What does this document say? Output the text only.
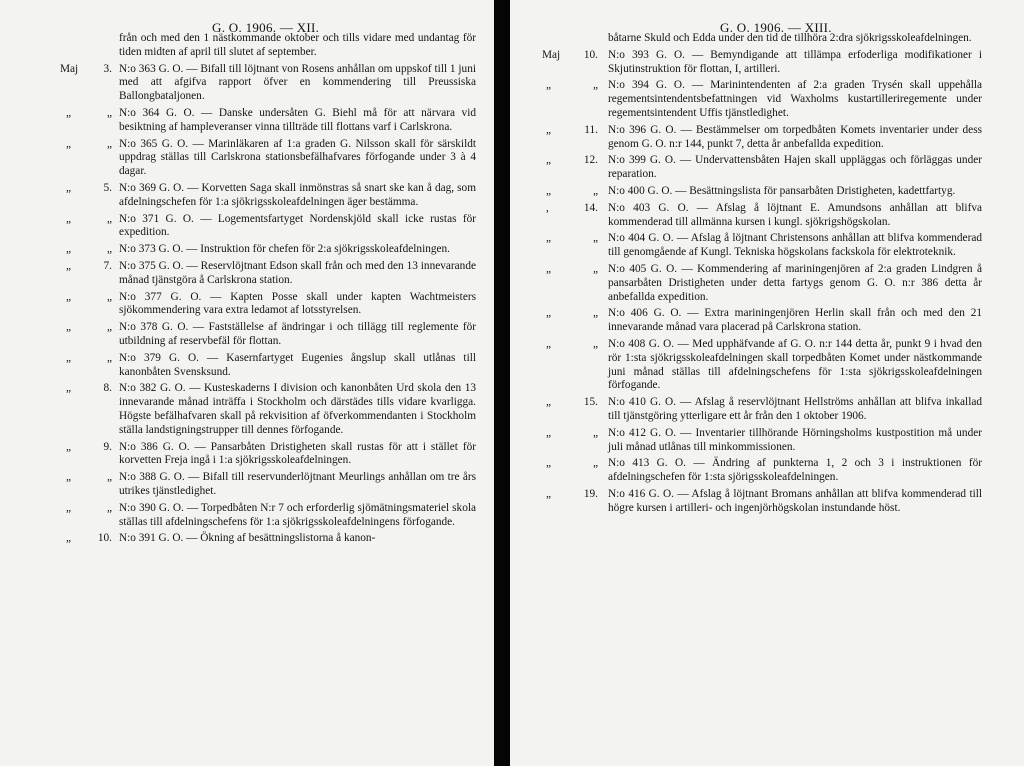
G. O. 1906. — XII.
från och med den 1 nästkommande oktober och tills vidare med undantag för tiden midten af april till slutet af september.
Maj	3. N:o 363 G. O. — Bifall till löjtnant von Rosens anhållan om uppskof till 1 juni med att afgifva rapport öfver en kommendering till Preussiska Ballongbataljonen.
„	„ N:o 364 G. O. — Danske undersåten G. Biehl må för att närvara vid besiktning af hampleveranser vinna tillträde till flottans varf i Carlskrona.
„	„ N:o 365 G. O. — Marinläkaren af 1:a graden G. Nilsson skall för särskildt uppdrag ställas till Carlskrona stationsbefälhafvares förfogande under 3 à 4 dagar.
„	5. N:o 369 G. O. — Korvetten Saga skall inmönstras så snart ske kan å dag, som afdelningschefen för 1:a sjökrigsskoleafdelningen äger bestämma.
„	„ N:o 371 G. O. — Logementsfartyget Nordenskjöld skall icke rustas för expedition.
„	„ N:o 373 G. O. — Instruktion för chefen för 2:a sjökrigsskoleafdelningen.
„	7. N:o 375 G. O. — Reservlöjtnant Edson skall från och med den 13 innevarande månad tjänstgöra å Carlskrona station.
„	„ N:o 377 G. O. — Kapten Posse skall under kapten Wachtmeisters sjökommendering vara extra ledamot af lotsstyrelsen.
„	„ N:o 378 G. O. — Fastställelse af ändringar i och tillägg till reglemente för utbildning af reservbefäl för flottan.
„	„ N:o 379 G. O. — Kasernfartyget Eugenies ångslup skall utlånas till kanonbåten Svensksund.
„	8. N:o 382 G. O. — Kusteskaderns I division och kanonbåten Urd skola den 13 innevarande månad inträffa i Stockholm och därstädes tills vidare kvarligga. Högste befälhafvaren skall på rekvisition af öfverkommendanten i Stockholm ställa landstigningstrupper till dennes förfogande.
„	9. N:o 386 G. O. — Pansarbåten Dristigheten skall rustas för att i stället för korvetten Freja ingå i 1:a sjökrigsskoleafdelningen.
„	„ N:o 388 G. O. — Bifall till reservunderlöjtnant Meurlings anhållan om tre års utrikes tjänstledighet.
„	„ N:o 390 G. O. — Torpedbåten N:r 7 och erforderlig sjömätningsmateriel skola ställas till afdelningschefens för 1:a sjökrigsskoleafdelningens förfogande.
„	10. N:o 391 G. O. — Ökning af besättningslistorna å kanon-
G. O. 1906. — XIII.
båtarne Skuld och Edda under den tid de tillhöra 2:dra sjökrigsskoleafdelningen.
Maj	10. N:o 393 G. O. — Bemyndigande att tillämpa erfoderliga modifikationer i Skjutinstruktion för flottan, I, artilleri.
„	„ N:o 394 G. O. — Marinintendenten af 2:a graden Trysén skall uppehålla regementsintendentsbefattningen vid Waxholms kustartilleriregemente under regementsintendent Uffis tjänstledighet.
„	11. N:o 396 G. O. — Bestämmelser om torpedbåten Komets inventarier under dess genom G. O. n:r 144, punkt 7, detta år anbefallda expedition.
„	12. N:o 399 G. O. — Undervattensbåten Hajen skall uppläggas och förläggas under reparation.
„	„ N:o 400 G. O. — Besättningslista för pansarbåten Dristigheten, kadettfartyg.
,	14. N:o 403 G. O. — Afslag å löjtnant E. Amundsons anhållan att blifva kommenderad till allmänna kursen i kungl. sjökrigshögskolan.
„	„ N:o 404 G. O. — Afslag å löjtnant Christensons anhållan att blifva kommenderad till genomgående af Kungl. Tekniska högskolans fackskola för elektroteknik.
„	„ N:o 405 G. O. — Kommendering af mariningenjören af 2:a graden Lindgren å pansarbåten Dristigheten under detta fartygs genom G. O. n:r 386 detta år anbefallda expedition.
„	„ N:o 406 G. O. — Extra mariningenjören Herlin skall från och med den 21 innevarande månad vara placerad på Carlskrona station.
„	„ N:o 408 G. O. — Med upphäfvande af G. O. n:r 144 detta år, punkt 9 i hvad den rör 1:sta sjökrigsskoleafdelningen skall torpedbåten Komet under nästkommande juni månad ställas till afdelningschefens för 1:sta sjökrigsskoleafdelningen förfogande.
„	15. N:o 410 G. O. — Afslag å reservlöjtnant Hellströms anhållan att blifva inkallad till tjänstgöring ytterligare ett år från den 1 oktober 1906.
„	„ N:o 412 G. O. — Inventarier tillhörande Hörningsholms kustpostition må under juli månad utlånas till minkommissionen.
„	„ N:o 413 G. O. — Ändring af punkterna 1, 2 och 3 i instruktionen för afdelningschefen för 1:sta sjörigsskoleafdelningen.
„	19. N:o 416 G. O. — Afslag å löjtnant Bromans anhållan att blifva kommenderad till högre kursen i artilleri- och ingenjörhögskolan instundande höst.
